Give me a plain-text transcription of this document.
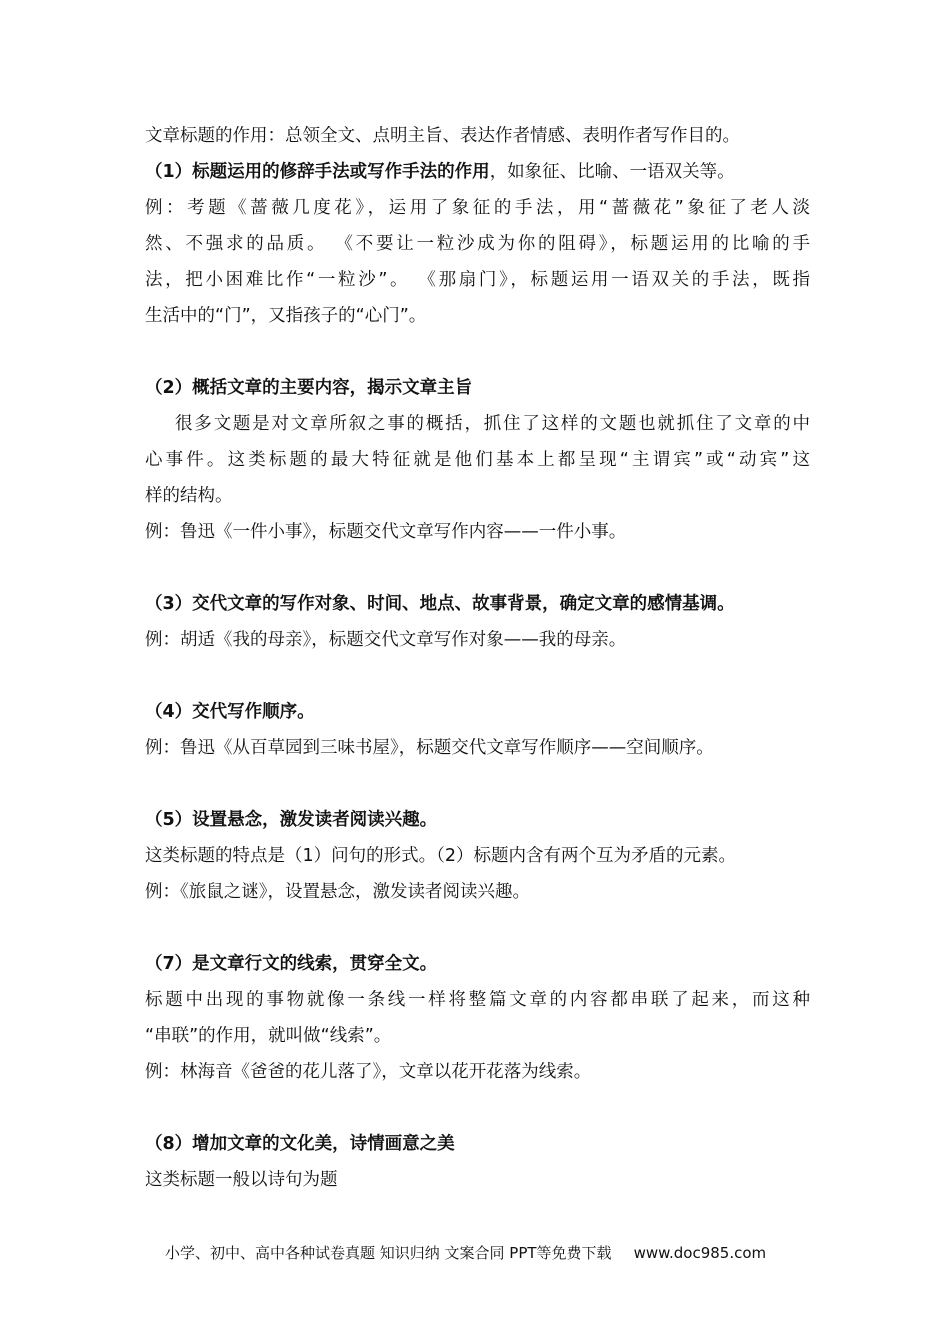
文章标题的作用：总领全文、点明主旨、表达作者情感、表明作者写作目的。
（1）标题运用的修辞手法或写作手法的作用，如象征、比喻、一语双关等。
例：考题《蔷薇几度花》，运用了象征的手法，用“蔷薇花”象征了老人淡
然、不强求的品质。 《不要让一粒沙成为你的阻碍》，标题运用的比喻的手
法，把小困难比作“一粒沙”。 《那扇门》，标题运用一语双关的手法，既指
生活中的“门”，又指孩子的“心门”。
（2）概括文章的主要内容，揭示文章主旨
很多文题是对文章所叙之事的概括，抓住了这样的文题也就抓住了文章的中
心事件。这类标题的最大特征就是他们基本上都呈现“主谓宾”或“动宾”这
样的结构。
例：鲁迅《一件小事》，标题交代文章写作内容——一件小事。
（3）交代文章的写作对象、时间、地点、故事背景，确定文章的感情基调。
例：胡适《我的母亲》，标题交代文章写作对象——我的母亲。
（4）交代写作顺序。
例：鲁迅《从百草园到三味书屋》，标题交代文章写作顺序——空间顺序。
（5）设置悬念，激发读者阅读兴趣。
这类标题的特点是（1）问句的形式。（2）标题内含有两个互为矛盾的元素。
例：《旅鼠之谜》，设置悬念，激发读者阅读兴趣。
（7）是文章行文的线索，贯穿全文。
标题中出现的事物就像一条线一样将整篇文章的内容都串联了起来，而这种
“串联”的作用，就叫做“线索”。
例：林海音《爸爸的花儿落了》，文章以花开花落为线索。
（8）增加文章的文化美，诗情画意之美
这类标题一般以诗句为题
小学、初中、高中各种试卷真题 知识归纳 文案合同 PPT等免费下载 www.doc985.com
